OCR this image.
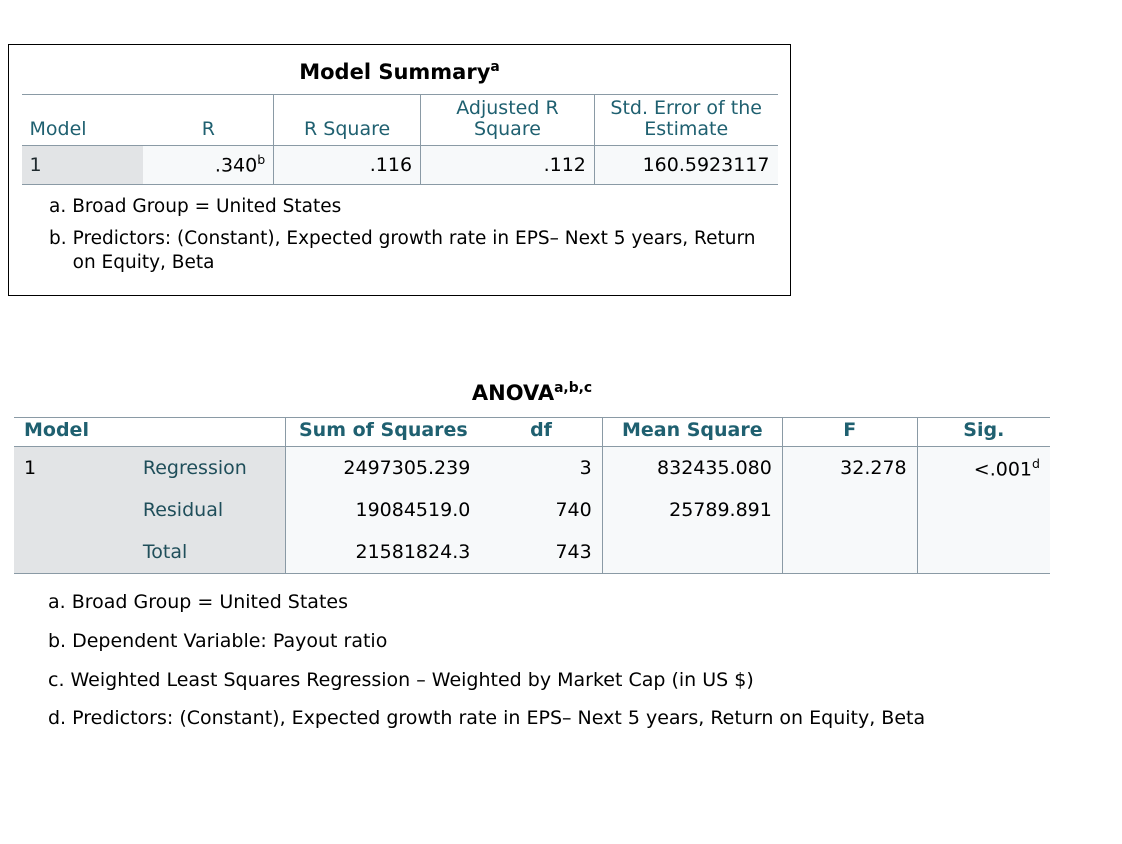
Model Summary$^a$
Model	R	R Square	Adjusted R Square	Std. Error of the Estimate
1	.340$^b$	.116	.112	160.5923117
a. Broad Group = United States
b. Predictors: (Constant), Expected growth rate in EPS– Next 5 years, Return on Equity, Beta
ANOVA$^{a,b,c}$
Model		Sum of Squares	df	Mean Square	F	Sig.
1	Regression	2497305.239	3	832435.080	32.278	<.001$^d$
	Residual	19084519.0	740	25789.891		
	Total	21581824.3	743			
a. Broad Group = United States
b. Dependent Variable: Payout ratio
c. Weighted Least Squares Regression – Weighted by Market Cap (in US $)
d. Predictors: (Constant), Expected growth rate in EPS– Next 5 years, Return on Equity, Beta
